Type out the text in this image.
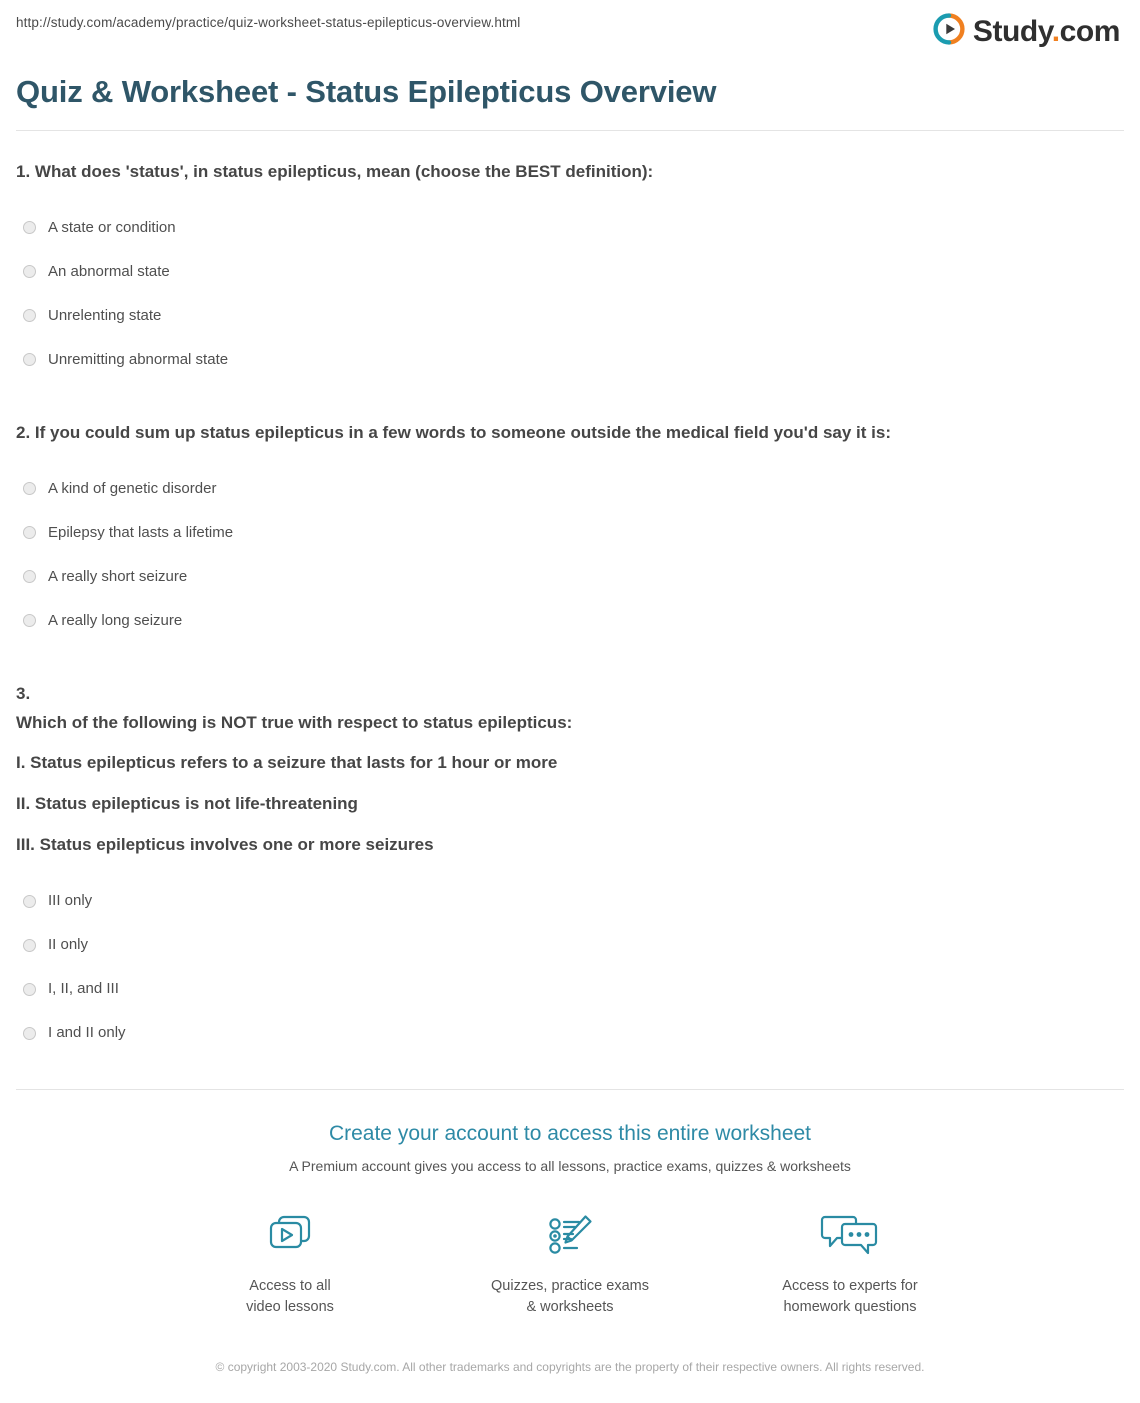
http://study.com/academy/practice/quiz-worksheet-status-epilepticus-overview.html	Study.com
Quiz & Worksheet - Status Epilepticus Overview

1. What does 'status', in status epilepticus, mean (choose the BEST definition):

A state or condition
An abnormal state
Unrelenting state
Unremitting abnormal state

2. If you could sum up status epilepticus in a few words to someone outside the medical field you'd say it is:

A kind of genetic disorder
Epilepsy that lasts a lifetime
A really short seizure
A really long seizure

3.

Which of the following is NOT true with respect to status epilepticus:

I. Status epilepticus refers to a seizure that lasts for 1 hour or more

II. Status epilepticus is not life-threatening

III. Status epilepticus involves one or more seizures

III only
II only
I, II, and III
I and II only
Create your account to access this entire worksheet

A Premium account gives you access to all lessons, practice exams, quizzes & worksheets

Access to all
video lessons
Quizzes, practice exams
& worksheets
Access to experts for
homework questions

© copyright 2003-2020 Study.com. All other trademarks and copyrights are the property of their respective owners. All rights reserved.
